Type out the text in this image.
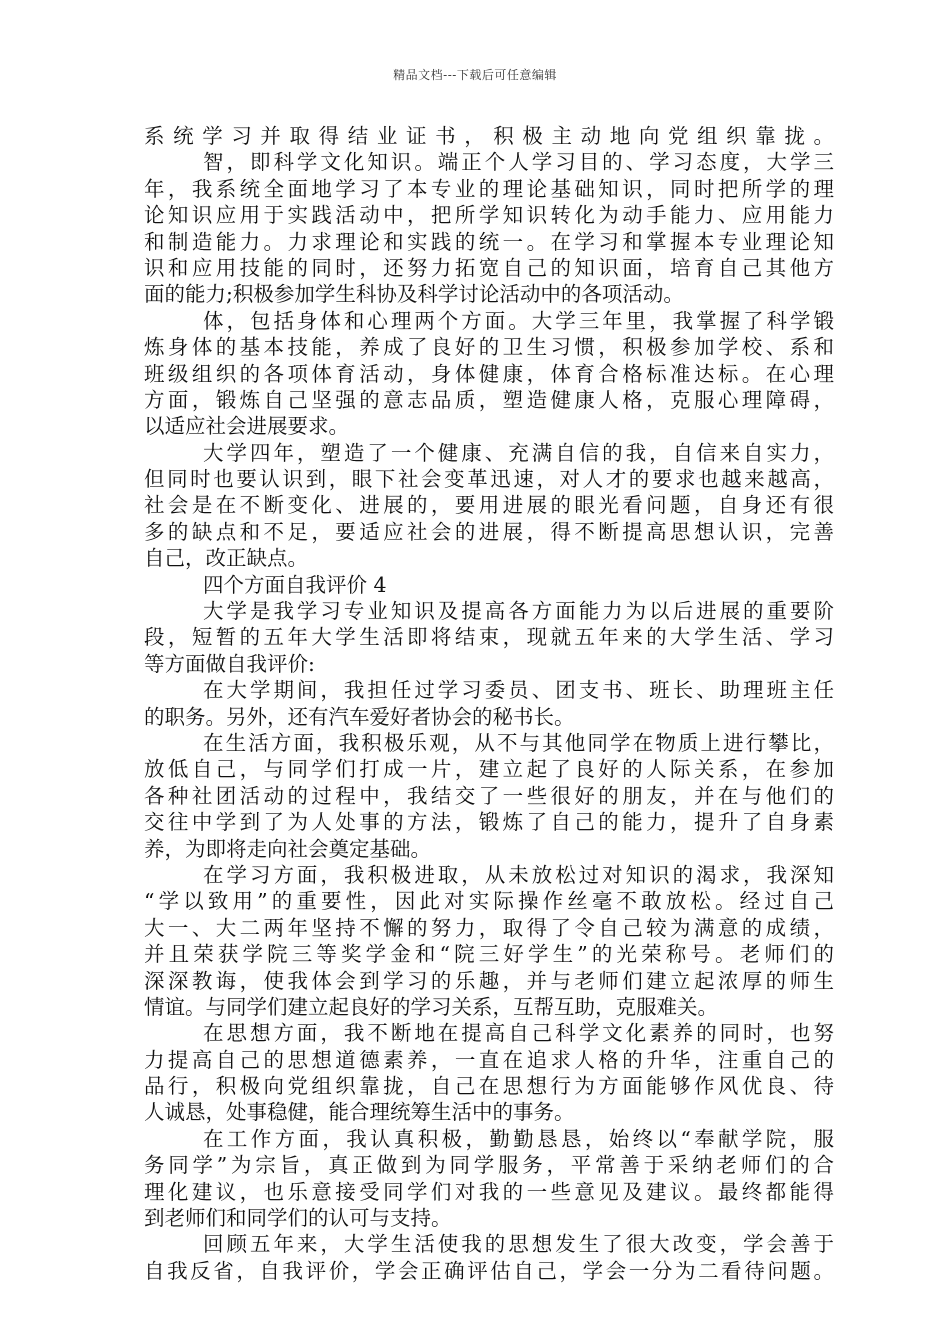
精品文档---下载后可任意编辑
系统学习并取得结业证书，积极主动地向党组织靠拢。
智，即科学文化知识。端正个人学习目的、学习态度，大学三
年，我系统全面地学习了本专业的理论基础知识，同时把所学的理
论知识应用于实践活动中，把所学知识转化为动手能力、应用能力
和制造能力。力求理论和实践的统一。在学习和掌握本专业理论知
识和应用技能的同时，还努力拓宽自己的知识面，培育自己其他方
面的能力;积极参加学生科协及科学讨论活动中的各项活动。
体，包括身体和心理两个方面。大学三年里，我掌握了科学锻
炼身体的基本技能，养成了良好的卫生习惯，积极参加学校、系和
班级组织的各项体育活动，身体健康，体育合格标准达标。在心理
方面，锻炼自己坚强的意志品质，塑造健康人格，克服心理障碍，
以适应社会进展要求。
大学四年，塑造了一个健康、充满自信的我，自信来自实力，
但同时也要认识到，眼下社会变革迅速，对人才的要求也越来越高，
社会是在不断变化、进展的，要用进展的眼光看问题，自身还有很
多的缺点和不足，要适应社会的进展，得不断提高思想认识，完善
自己，改正缺点。
四个方面自我评价 4
大学是我学习专业知识及提高各方面能力为以后进展的重要阶
段，短暂的五年大学生活即将结束，现就五年来的大学生活、学习
等方面做自我评价:
在大学期间，我担任过学习委员、团支书、班长、助理班主任
的职务。另外，还有汽车爱好者协会的秘书长。
在生活方面，我积极乐观，从不与其他同学在物质上进行攀比，
放低自己，与同学们打成一片，建立起了良好的人际关系，在参加
各种社团活动的过程中，我结交了一些很好的朋友，并在与他们的
交往中学到了为人处事的方法，锻炼了自己的能力，提升了自身素
养，为即将走向社会奠定基础。
在学习方面，我积极进取，从未放松过对知识的渴求，我深知
“学以致用”的重要性，因此对实际操作丝毫不敢放松。经过自己
大一、大二两年坚持不懈的努力，取得了令自己较为满意的成绩，
并且荣获学院三等奖学金和“院三好学生”的光荣称号。老师们的
深深教诲，使我体会到学习的乐趣，并与老师们建立起浓厚的师生
情谊。与同学们建立起良好的学习关系，互帮互助，克服难关。
在思想方面，我不断地在提高自己科学文化素养的同时，也努
力提高自己的思想道德素养，一直在追求人格的升华，注重自己的
品行，积极向党组织靠拢，自己在思想行为方面能够作风优良、待
人诚恳，处事稳健，能合理统筹生活中的事务。
在工作方面，我认真积极，勤勤恳恳，始终以“奉献学院，服
务同学”为宗旨，真正做到为同学服务，平常善于采纳老师们的合
理化建议，也乐意接受同学们对我的一些意见及建议。最终都能得
到老师们和同学们的认可与支持。
回顾五年来，大学生活使我的思想发生了很大改变，学会善于
自我反省，自我评价，学会正确评估自己，学会一分为二看待问题。
